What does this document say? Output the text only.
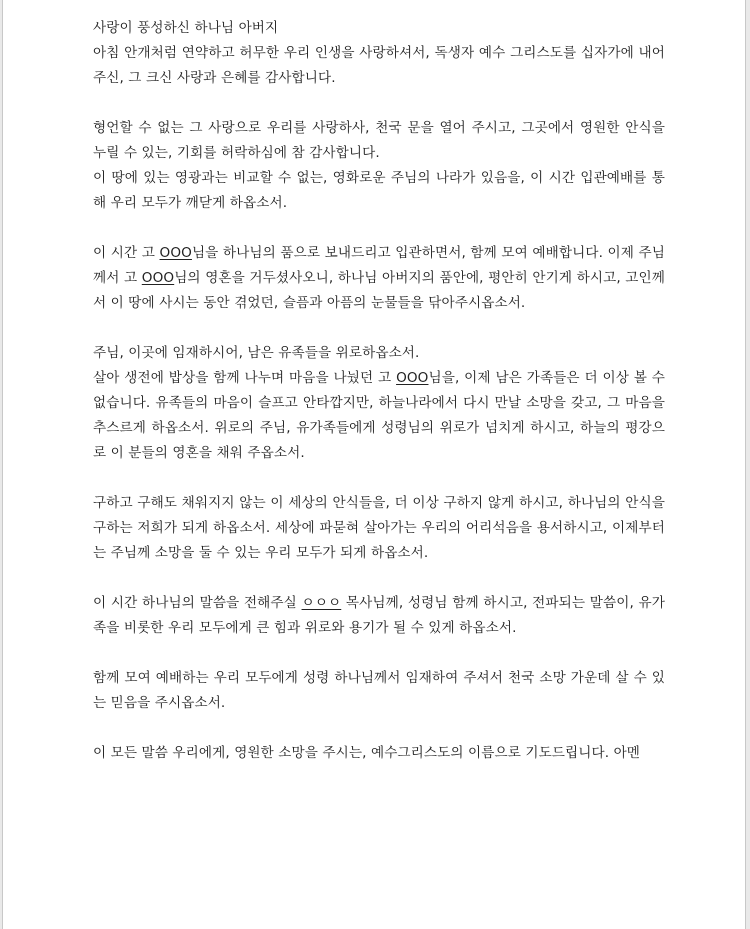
사랑이 풍성하신 하나님 아버지

아침 안개처럼 연약하고 허무한 우리 인생을 사랑하셔서, 독생자 예수 그리스도를 십자가에 내어주신, 그 크신 사랑과 은혜를 감사합니다.

형언할 수 없는 그 사랑으로 우리를 사랑하사, 천국 문을 열어 주시고, 그곳에서 영원한 안식을 누릴 수 있는, 기회를 허락하심에 참 감사합니다.

이 땅에 있는 영광과는 비교할 수 없는, 영화로운 주님의 나라가 있음을, 이 시간 입관예배를 통해 우리 모두가 깨닫게 하옵소서.

이 시간 고 OOO님을 하나님의 품으로 보내드리고 입관하면서, 함께 모여 예배합니다. 이제 주님께서 고 OOO님의 영혼을 거두셨사오니, 하나님 아버지의 품안에, 평안히 안기게 하시고, 고인께서 이 땅에 사시는 동안 겪었던, 슬픔과 아픔의 눈물들을 닦아주시옵소서.

주님, 이곳에 임재하시어, 남은 유족들을 위로하옵소서.

살아 생전에 밥상을 함께 나누며 마음을 나눴던 고 OOO님을, 이제 남은 가족들은 더 이상 볼 수 없습니다. 유족들의 마음이 슬프고 안타깝지만, 하늘나라에서 다시 만날 소망을 갖고, 그 마음을 추스르게 하옵소서. 위로의 주님, 유가족들에게 성령님의 위로가 넘치게 하시고, 하늘의 평강으로 이 분들의 영혼을 채워 주옵소서.

구하고 구해도 채워지지 않는 이 세상의 안식들을, 더 이상 구하지 않게 하시고, 하나님의 안식을 구하는 저희가 되게 하옵소서. 세상에 파묻혀 살아가는 우리의 어리석음을 용서하시고, 이제부터는 주님께 소망을 둘 수 있는 우리 모두가 되게 하옵소서.

이 시간 하나님의 말씀을 전해주실 ㅇㅇㅇ 목사님께, 성령님 함께 하시고, 전파되는 말씀이, 유가족을 비롯한 우리 모두에게 큰 힘과 위로와 용기가 될 수 있게 하옵소서.

함께 모여 예배하는 우리 모두에게 성령 하나님께서 임재하여 주셔서 천국 소망 가운데 살 수 있는 믿음을 주시옵소서.

이 모든 말씀 우리에게, 영원한 소망을 주시는, 예수그리스도의 이름으로 기도드립니다. 아멘
